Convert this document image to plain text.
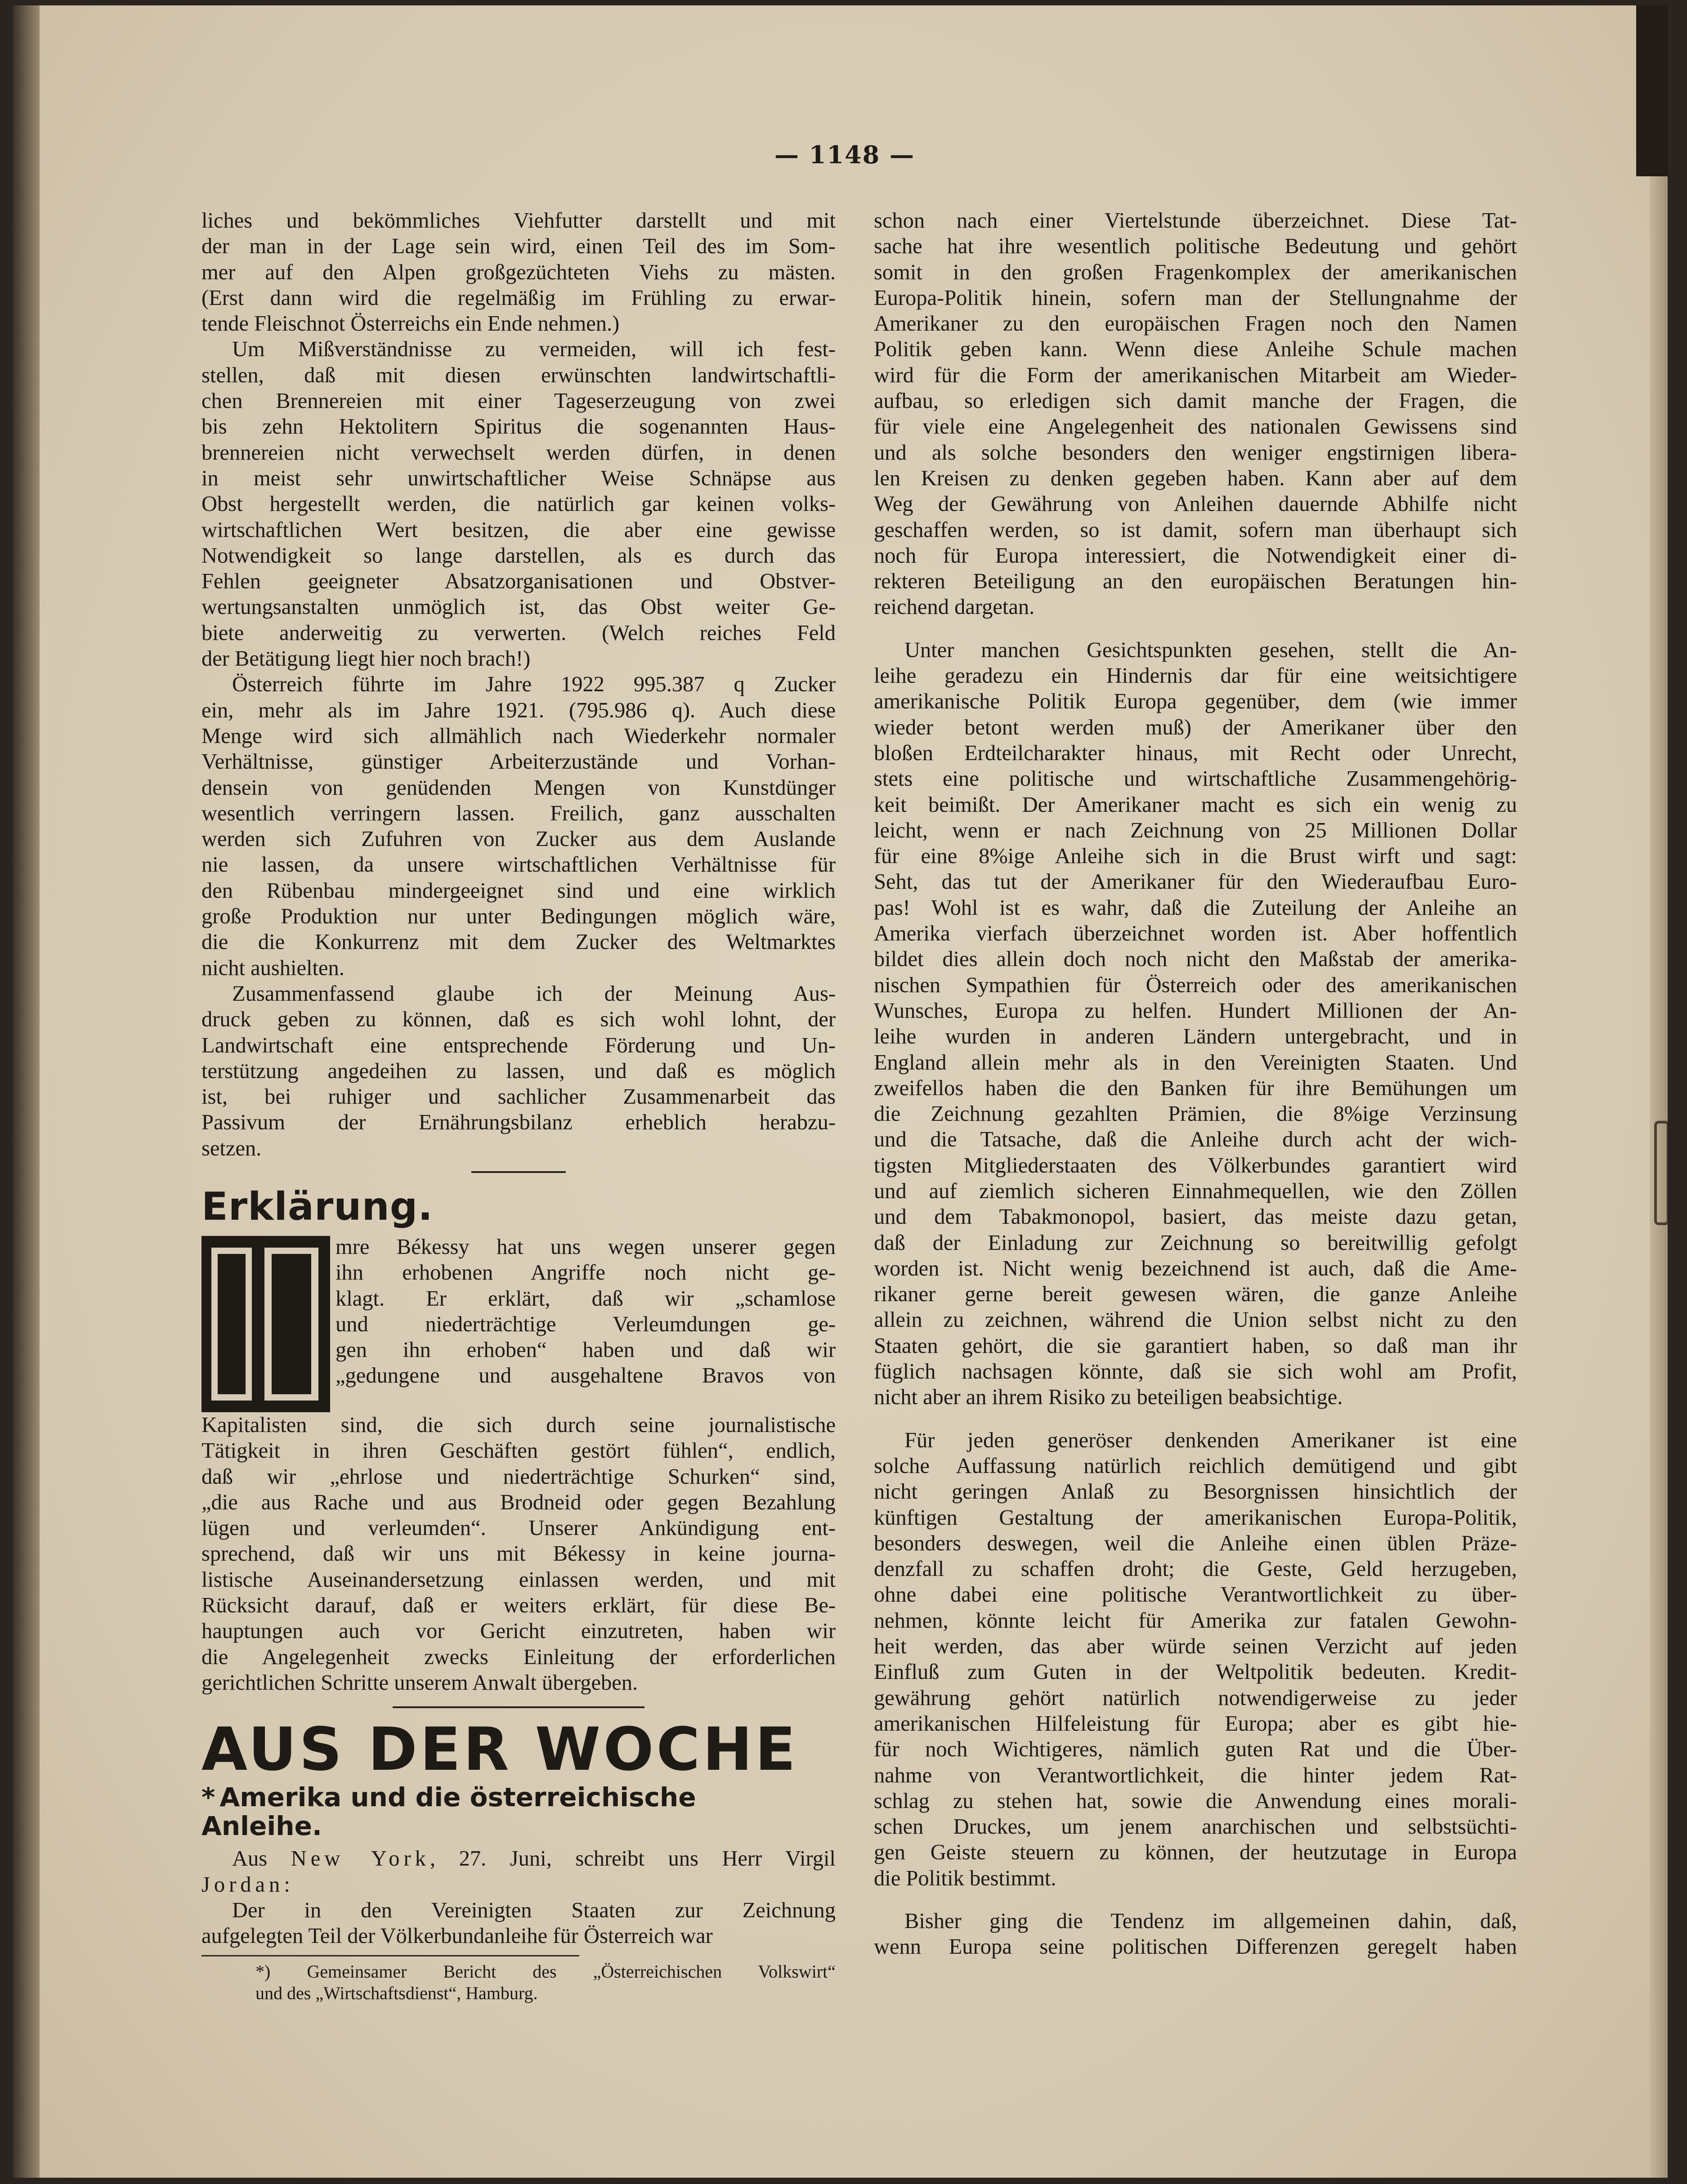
— 1148 —

liches und bekömmliches Viehfutter darstellt und mit

der man in der Lage sein wird, einen Teil des im Som-

mer auf den Alpen großgezüchteten Viehs zu mästen.

(Erst dann wird die regelmäßig im Frühling zu erwar-

tende Fleischnot Österreichs ein Ende nehmen.)

Um Mißverständnisse zu vermeiden, will ich fest-

stellen, daß mit diesen erwünschten landwirtschaftli-

chen Brennereien mit einer Tageserzeugung von zwei

bis zehn Hektolitern Spiritus die sogenannten Haus-

brennereien nicht verwechselt werden dürfen, in denen

in meist sehr unwirtschaftlicher Weise Schnäpse aus

Obst hergestellt werden, die natürlich gar keinen volks-

wirtschaftlichen Wert besitzen, die aber eine gewisse

Notwendigkeit so lange darstellen, als es durch das

Fehlen geeigneter Absatzorganisationen und Obstver-

wertungsanstalten unmöglich ist, das Obst weiter Ge-

biete anderweitig zu verwerten. (Welch reiches Feld

der Betätigung liegt hier noch brach!)

Österreich führte im Jahre 1922 995.387 q Zucker

ein, mehr als im Jahre 1921. (795.986 q). Auch diese

Menge wird sich allmählich nach Wiederkehr normaler

Verhältnisse, günstiger Arbeiterzustände und Vorhan-

densein von genüdenden Mengen von Kunstdünger

wesentlich verringern lassen. Freilich, ganz ausschalten

werden sich Zufuhren von Zucker aus dem Auslande

nie lassen, da unsere wirtschaftlichen Verhältnisse für

den Rübenbau mindergeeignet sind und eine wirklich

große Produktion nur unter Bedingungen möglich wäre,

die die Konkurrenz mit dem Zucker des Weltmarktes

nicht aushielten.

Zusammenfassend glaube ich der Meinung Aus-

druck geben zu können, daß es sich wohl lohnt, der

Landwirtschaft eine entsprechende Förderung und Un-

terstützung angedeihen zu lassen, und daß es möglich

ist, bei ruhiger und sachlicher Zusammenarbeit das

Passivum der Ernährungsbilanz erheblich herabzu-

setzen.

Erklärung.

mre Békessy hat uns wegen unserer gegen

ihn erhobenen Angriffe noch nicht ge-

klagt. Er erklärt, daß wir „schamlose

und niederträchtige Verleumdungen ge-

gen ihn erhoben“ haben und daß wir

„gedungene und ausgehaltene Bravos von

Kapitalisten sind, die sich durch seine journalistische

Tätigkeit in ihren Geschäften gestört fühlen“, endlich,

daß wir „ehrlose und niederträchtige Schurken“ sind,

„die aus Rache und aus Brodneid oder gegen Bezahlung

lügen und verleumden“. Unserer Ankündigung ent-

sprechend, daß wir uns mit Békessy in keine journa-

listische Auseinandersetzung einlassen werden, und mit

Rücksicht darauf, daß er weiters erklärt, für diese Be-

hauptungen auch vor Gericht einzutreten, haben wir

die Angelegenheit zwecks Einleitung der erforderlichen

gerichtlichen Schritte unserem Anwalt übergeben.

AUS DER WOCHE
* Amerika und die österreichische
Anleihe.

Aus New York, 27. Juni, schreibt uns Herr Virgil

Jordan:

Der in den Vereinigten Staaten zur Zeichnung

aufgelegten Teil der Völkerbundanleihe für Österreich war

*) Gemeinsamer Bericht des „Österreichischen Volkswirt“

und des „Wirtschaftsdienst“, Hamburg.

schon nach einer Viertelstunde überzeichnet. Diese Tat-

sache hat ihre wesentlich politische Bedeutung und gehört

somit in den großen Fragenkomplex der amerikanischen

Europa-Politik hinein, sofern man der Stellungnahme der

Amerikaner zu den europäischen Fragen noch den Namen

Politik geben kann. Wenn diese Anleihe Schule machen

wird für die Form der amerikanischen Mitarbeit am Wieder-

aufbau, so erledigen sich damit manche der Fragen, die

für viele eine Angelegenheit des nationalen Gewissens sind

und als solche besonders den weniger engstirnigen libera-

len Kreisen zu denken gegeben haben. Kann aber auf dem

Weg der Gewährung von Anleihen dauernde Abhilfe nicht

geschaffen werden, so ist damit, sofern man überhaupt sich

noch für Europa interessiert, die Notwendigkeit einer di-

rekteren Beteiligung an den europäischen Beratungen hin-

reichend dargetan.

Unter manchen Gesichtspunkten gesehen, stellt die An-

leihe geradezu ein Hindernis dar für eine weitsichtigere

amerikanische Politik Europa gegenüber, dem (wie immer

wieder betont werden muß) der Amerikaner über den

bloßen Erdteilcharakter hinaus, mit Recht oder Unrecht,

stets eine politische und wirtschaftliche Zusammengehörig-

keit beimißt. Der Amerikaner macht es sich ein wenig zu

leicht, wenn er nach Zeichnung von 25 Millionen Dollar

für eine 8%ige Anleihe sich in die Brust wirft und sagt:

Seht, das tut der Amerikaner für den Wiederaufbau Euro-

pas! Wohl ist es wahr, daß die Zuteilung der Anleihe an

Amerika vierfach überzeichnet worden ist. Aber hoffentlich

bildet dies allein doch noch nicht den Maßstab der amerika-

nischen Sympathien für Österreich oder des amerikanischen

Wunsches, Europa zu helfen. Hundert Millionen der An-

leihe wurden in anderen Ländern untergebracht, und in

England allein mehr als in den Vereinigten Staaten. Und

zweifellos haben die den Banken für ihre Bemühungen um

die Zeichnung gezahlten Prämien, die 8%ige Verzinsung

und die Tatsache, daß die Anleihe durch acht der wich-

tigsten Mitgliederstaaten des Völkerbundes garantiert wird

und auf ziemlich sicheren Einnahmequellen, wie den Zöllen

und dem Tabakmonopol, basiert, das meiste dazu getan,

daß der Einladung zur Zeichnung so bereitwillig gefolgt

worden ist. Nicht wenig bezeichnend ist auch, daß die Ame-

rikaner gerne bereit gewesen wären, die ganze Anleihe

allein zu zeichnen, während die Union selbst nicht zu den

Staaten gehört, die sie garantiert haben, so daß man ihr

füglich nachsagen könnte, daß sie sich wohl am Profit,

nicht aber an ihrem Risiko zu beteiligen beabsichtige.

Für jeden generöser denkenden Amerikaner ist eine

solche Auffassung natürlich reichlich demütigend und gibt

nicht geringen Anlaß zu Besorgnissen hinsichtlich der

künftigen Gestaltung der amerikanischen Europa-Politik,

besonders deswegen, weil die Anleihe einen üblen Präze-

denzfall zu schaffen droht; die Geste, Geld herzugeben,

ohne dabei eine politische Verantwortlichkeit zu über-

nehmen, könnte leicht für Amerika zur fatalen Gewohn-

heit werden, das aber würde seinen Verzicht auf jeden

Einfluß zum Guten in der Weltpolitik bedeuten. Kredit-

gewährung gehört natürlich notwendigerweise zu jeder

amerikanischen Hilfeleistung für Europa; aber es gibt hie-

für noch Wichtigeres, nämlich guten Rat und die Über-

nahme von Verantwortlichkeit, die hinter jedem Rat-

schlag zu stehen hat, sowie die Anwendung eines morali-

schen Druckes, um jenem anarchischen und selbstsüchti-

gen Geiste steuern zu können, der heutzutage in Europa

die Politik bestimmt.

Bisher ging die Tendenz im allgemeinen dahin, daß,

wenn Europa seine politischen Differenzen geregelt haben
